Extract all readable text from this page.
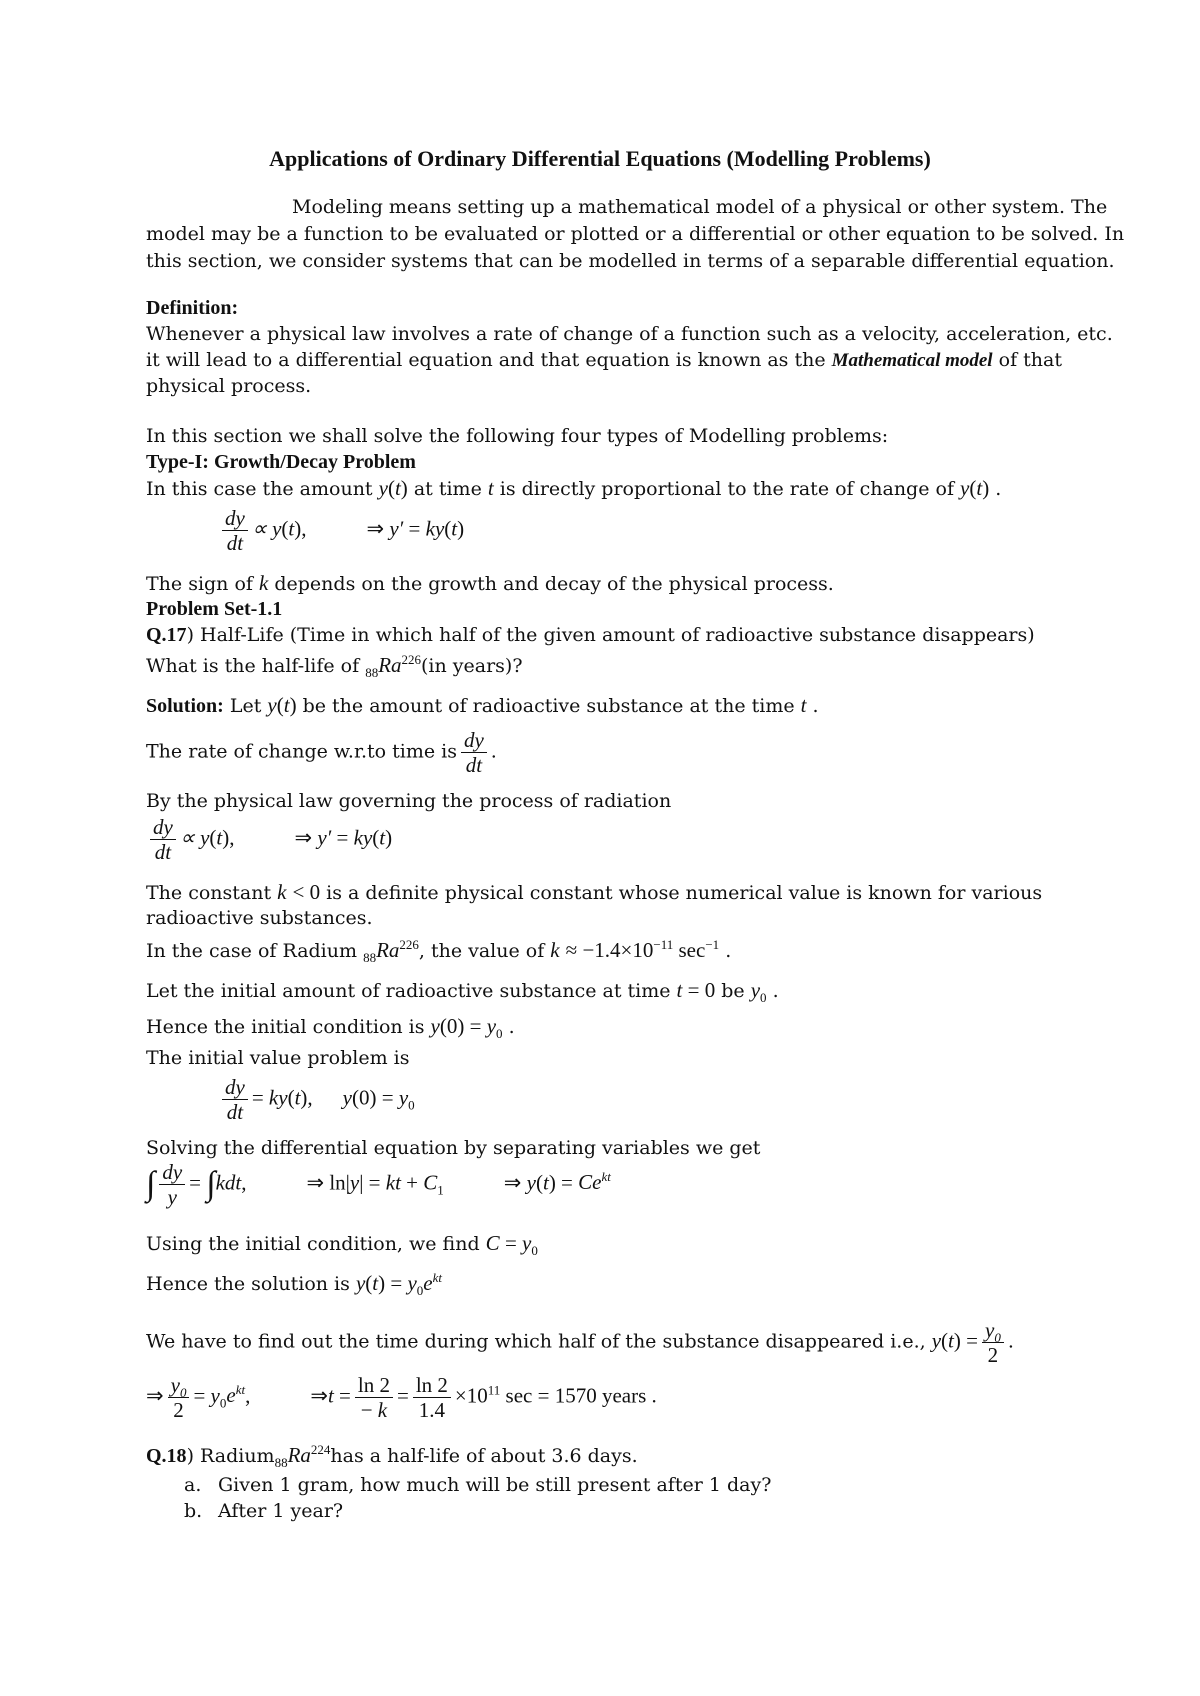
Applications of Ordinary Differential Equations (Modelling Problems)
Modeling means setting up a mathematical model of a physical or other system. The
model may be a function to be evaluated or plotted or a differential or other equation to be solved. In
this section, we consider systems that can be modelled in terms of a separable differential equation.
Definition:
Whenever a physical law involves a rate of change of a function such as a velocity, acceleration, etc.
it will lead to a differential equation and that equation is known as the Mathematical model of that
physical process.
In this section we shall solve the following four types of Modelling problems:
Type-I: Growth/Decay Problem
In this case the amount y(t) at time t is directly proportional to the rate of change of y(t) .
$\frac{dy}{dt} \propto y(t)$,	⇒ y′ = ky(t)
The sign of k depends on the growth and decay of the physical process.
Problem Set-1.1
Q.17) Half-Life (Time in which half of the given amount of radioactive substance disappears)
What is the half-life of $_{88}Ra^{226}(in$ years)?
Solution: Let y(t) be the amount of radioactive substance at the time t .
The rate of change w.r.to time is $\frac{dy}{dt}$ .
By the physical law governing the process of radiation
$\frac{dy}{dt} \propto y(t)$,	⇒ y′ = ky(t)
The constant k < 0 is a definite physical constant whose numerical value is known for various
radioactive substances.
In the case of Radium $_{88}Ra^{226}$, the value of $k \approx -1.4\times 10^{-11}$ $\sec^{-1}$ .
Let the initial amount of radioactive substance at time t = 0 be $y_0$ .
Hence the initial condition is $y(0) = y_0$ .
The initial value problem is
$\frac{dy}{dt} = ky(t)$, $y(0) = y_0$
Solving the differential equation by separating variables we get
∫ $\frac{dy}{y} = \int kdt$,	⇒ ln|y| = kt + $C_1$	⇒ $y(t) = Ce^{kt}$
Using the initial condition, we find $C = y_0$
Hence the solution is $y(t) = y_0e^{kt}$
We have to find out the time during which half of the substance disappeared i.e., $y(t) = \frac{y_0}{2}$ .
⇒ $\frac{y_0}{2} = y_0e^{kt}$,	⇒t = $\frac{\ln 2}{- k} = \frac{\ln 2}{1.4} \times 10^{11}$ sec = 1570 years .
Q.18) $Radium_{88}Ra^{224}has$ a half-life of about 3.6 days.
a. Given 1 gram, how much will be still present after 1 day?
b. After 1 year?
